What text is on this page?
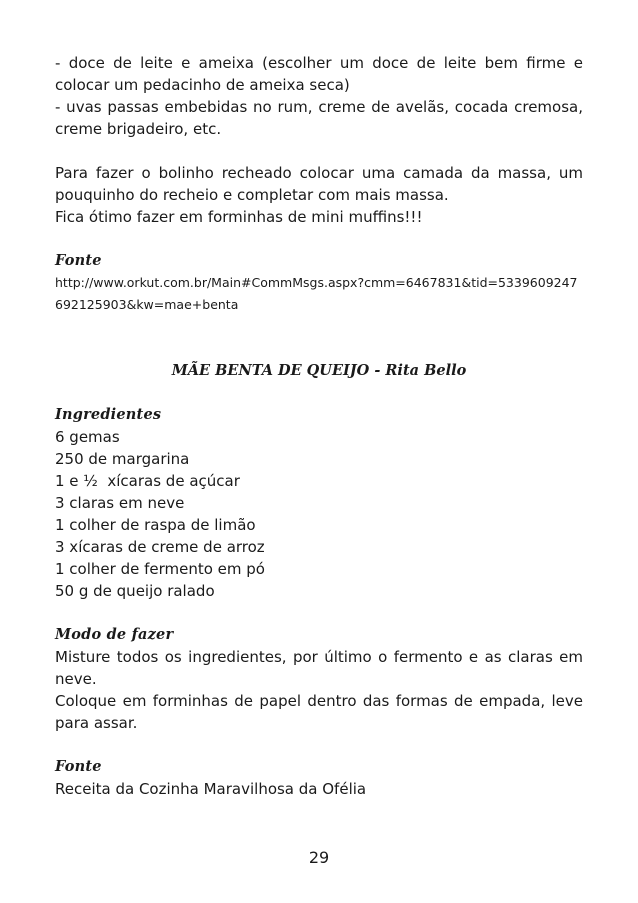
- doce de leite e ameixa (escolher um doce de leite bem firme e colocar um pedacinho de ameixa seca)

- uvas passas embebidas no rum, creme de avelãs, cocada cremosa, creme brigadeiro, etc.

Para fazer o bolinho recheado colocar uma camada da massa, um pouquinho do recheio e completar com mais massa.

Fica ótimo fazer em forminhas de mini muffins!!!

Fonte

http://www.orkut.com.br/Main#CommMsgs.aspx?cmm=6467831&tid=5339609247692125903&kw=mae+benta

MÃE BENTA DE QUEIJO - Rita Bello

Ingredientes

6 gemas
250 de margarina
1 e ½  xícaras de açúcar
3 claras em neve
1 colher de raspa de limão
3 xícaras de creme de arroz
1 colher de fermento em pó
50 g de queijo ralado

Modo de fazer

Misture todos os ingredientes, por último o fermento e as claras em neve.

Coloque em forminhas de papel dentro das formas de empada, leve para assar.

Fonte

Receita da Cozinha Maravilhosa da Ofélia

29
